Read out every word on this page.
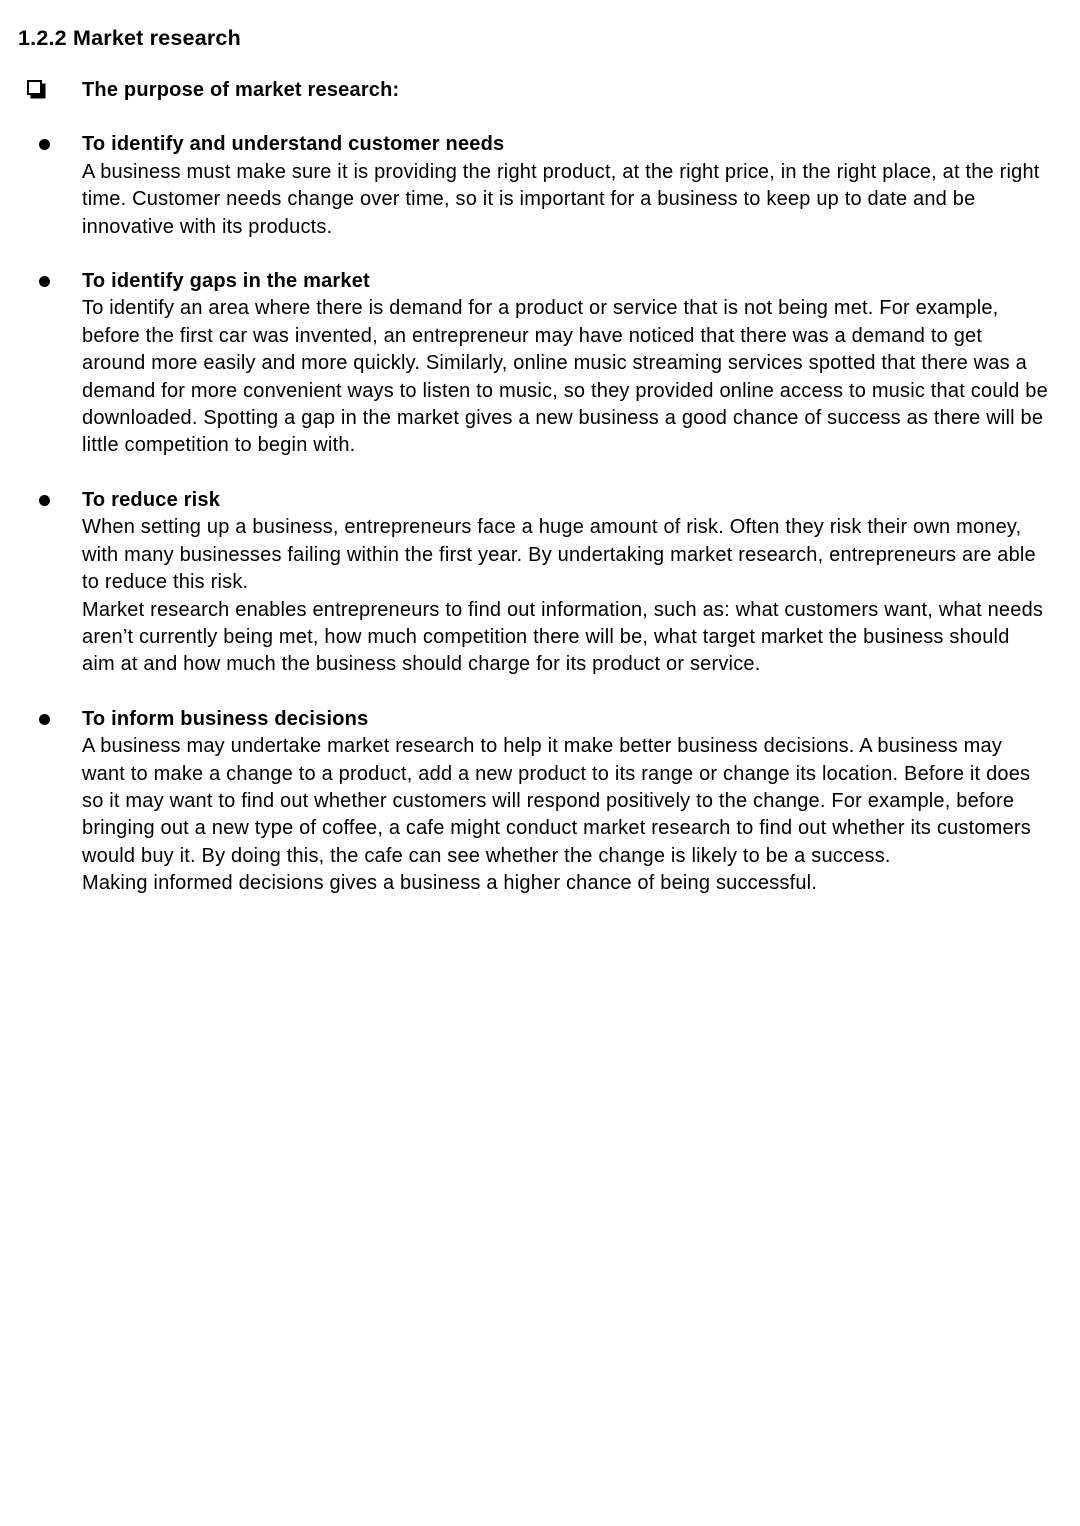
1.2.2 Market research
The purpose of market research:
To identify and understand customer needs

A business must make sure it is providing the right product, at the right price, in the right place, at the right time. Customer needs change over time, so it is important for a business to keep up to date and be innovative with its products.

To identify gaps in the market

To identify an area where there is demand for a product or service that is not being met. For example, before the first car was invented, an entrepreneur may have noticed that there was a demand to get around more easily and more quickly. Similarly, online music streaming services spotted that there was a demand for more convenient ways to listen to music, so they provided online access to music that could be downloaded. Spotting a gap in the market gives a new business a good chance of success as there will be little competition to begin with.

To reduce risk

When setting up a business, entrepreneurs face a huge amount of risk. Often they risk their own money, with many businesses failing within the first year. By undertaking market research, entrepreneurs are able to reduce this risk.

Market research enables entrepreneurs to find out information, such as: what customers want, what needs aren’t currently being met, how much competition there will be, what target market the business should aim at and how much the business should charge for its product or service.

To inform business decisions

A business may undertake market research to help it make better business decisions. A business may want to make a change to a product, add a new product to its range or change its location. Before it does so it may want to find out whether customers will respond positively to the change. For example, before bringing out a new type of coffee, a cafe might conduct market research to find out whether its customers would buy it. By doing this, the cafe can see whether the change is likely to be a success.

Making informed decisions gives a business a higher chance of being successful.
